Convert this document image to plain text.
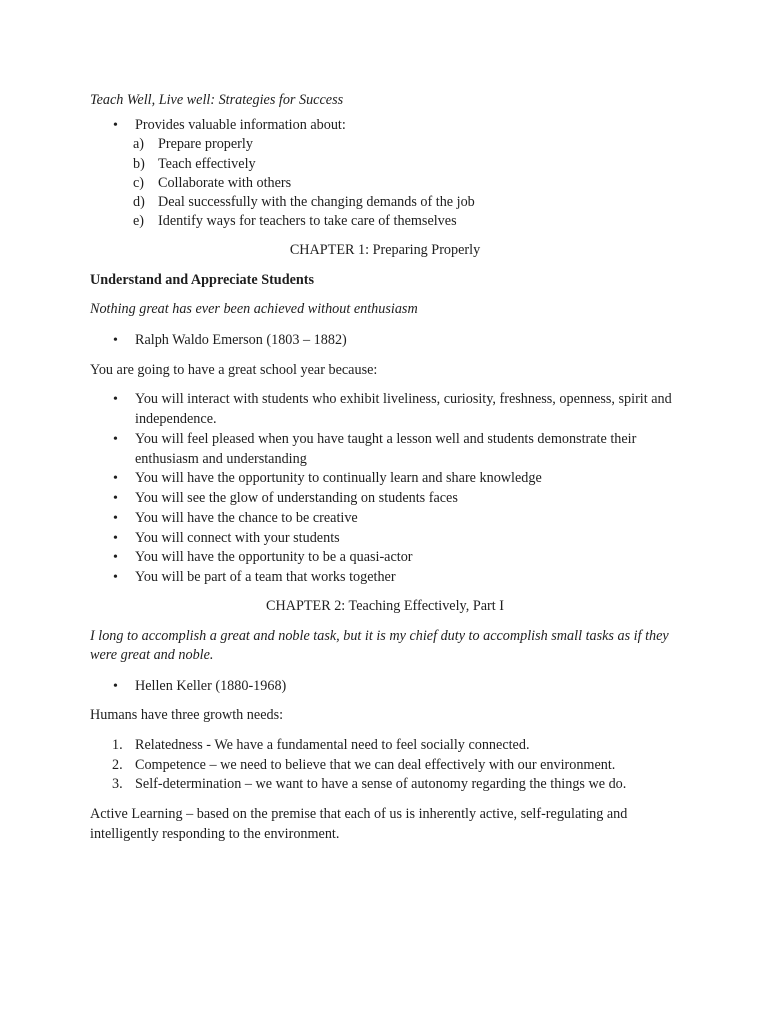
Teach Well, Live well: Strategies for Success

• Provides valuable information about:
a) Prepare properly
b) Teach effectively
c) Collaborate with others
d) Deal successfully with the changing demands of the job
e) Identify ways for teachers to take care of themselves

CHAPTER 1: Preparing Properly

Understand and Appreciate Students

Nothing great has ever been achieved without enthusiasm

• Ralph Waldo Emerson (1803 – 1882)

You are going to have a great school year because:

• You will interact with students who exhibit liveliness, curiosity, freshness, openness, spirit and independence.
• You will feel pleased when you have taught a lesson well and students demonstrate their enthusiasm and understanding
• You will have the opportunity to continually learn and share knowledge
• You will see the glow of understanding on students faces
• You will have the chance to be creative
• You will connect with your students
• You will have the opportunity to be a quasi-actor
• You will be part of a team that works together

CHAPTER 2: Teaching Effectively, Part I

I long to accomplish a great and noble task, but it is my chief duty to accomplish small tasks as if they were great and noble.

• Hellen Keller (1880-1968)

Humans have three growth needs:

1. Relatedness - We have a fundamental need to feel socially connected.
2. Competence – we need to believe that we can deal effectively with our environment.
3. Self-determination – we want to have a sense of autonomy regarding the things we do.

Active Learning – based on the premise that each of us is inherently active, self-regulating and intelligently responding to the environment.
